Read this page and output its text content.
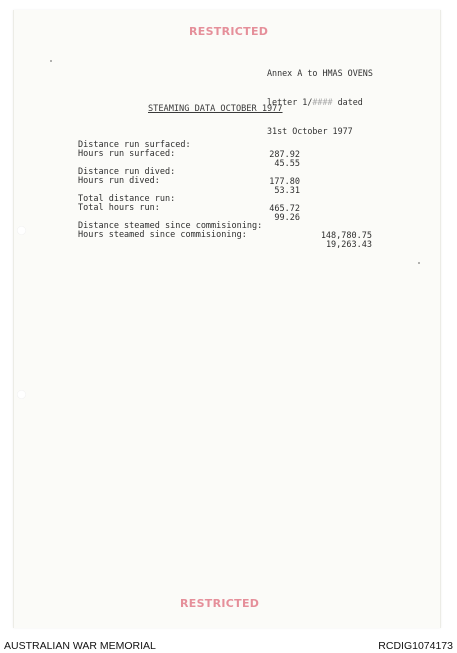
RESTRICTED

Annex A to HMAS OVENS

letter 1/#### dated

31st October 1977

STEAMING DATA OCTOBER 1977

Distance run surfaced:

287.92

Hours run surfaced:

45.55

Distance run dived:

177.80

Hours run dived:

53.31

Total distance run:

465.72

Total hours run:

99.26

Distance steamed since commisioning:

148,780.75

Hours steamed since commisioning:

19,263.43

RESTRICTED
AUSTRALIAN WAR MEMORIAL	RCDIG1074173
